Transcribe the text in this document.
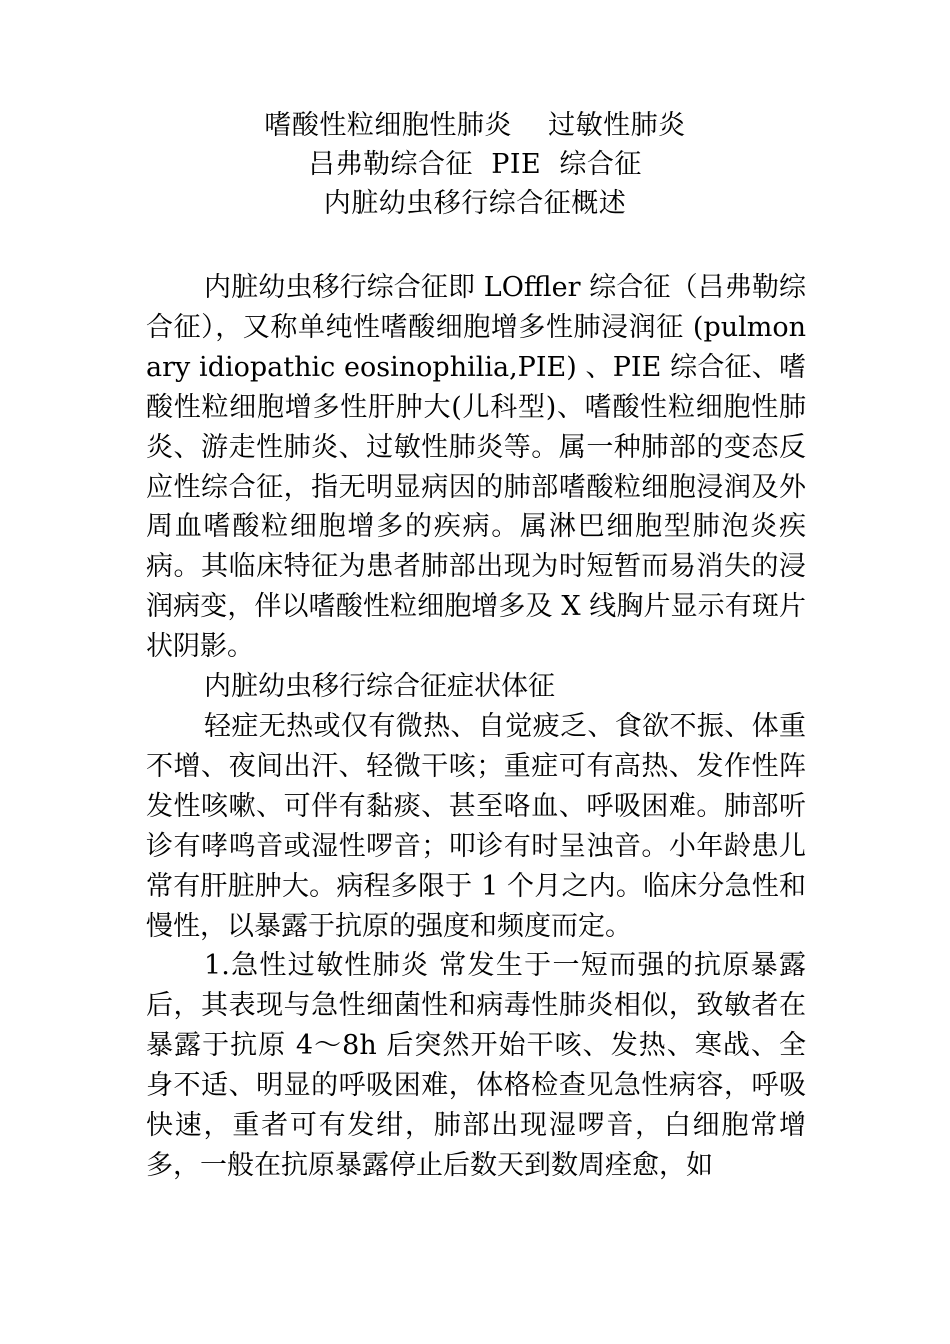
嗜酸性粒细胞性肺炎    过敏性肺炎
吕弗勒综合征  PIE  综合征
内脏幼虫移行综合征概述

内脏幼虫移行综合征即 LOffler 综合征（吕弗勒综合征），又称单纯性嗜酸细胞增多性肺浸润征 (pulmonary idiopathic eosinophilia,PIE) 、PIE 综合征、嗜酸性粒细胞增多性肝肿大(儿科型)、嗜酸性粒细胞性肺炎、游走性肺炎、过敏性肺炎等。属一种肺部的变态反应性综合征，指无明显病因的肺部嗜酸粒细胞浸润及外周血嗜酸粒细胞增多的疾病。属淋巴细胞型肺泡炎疾病。其临床特征为患者肺部出现为时短暂而易消失的浸润病变，伴以嗜酸性粒细胞增多及 X 线胸片显示有斑片状阴影。

内脏幼虫移行综合征症状体征

轻症无热或仅有微热、自觉疲乏、食欲不振、体重不增、夜间出汗、轻微干咳；重症可有高热、发作性阵发性咳嗽、可伴有黏痰、甚至咯血、呼吸困难。肺部听诊有哮鸣音或湿性啰音；叩诊有时呈浊音。小年龄患儿常有肝脏肿大。病程多限于 1 个月之内。临床分急性和慢性，以暴露于抗原的强度和频度而定。

1.急性过敏性肺炎 常发生于一短而强的抗原暴露后，其表现与急性细菌性和病毒性肺炎相似，致敏者在暴露于抗原 4～8h 后突然开始干咳、发热、寒战、全身不适、明显的呼吸困难，体格检查见急性病容，呼吸快速，重者可有发绀，肺部出现湿啰音，白细胞常增多，一般在抗原暴露停止后数天到数周痊愈，如
